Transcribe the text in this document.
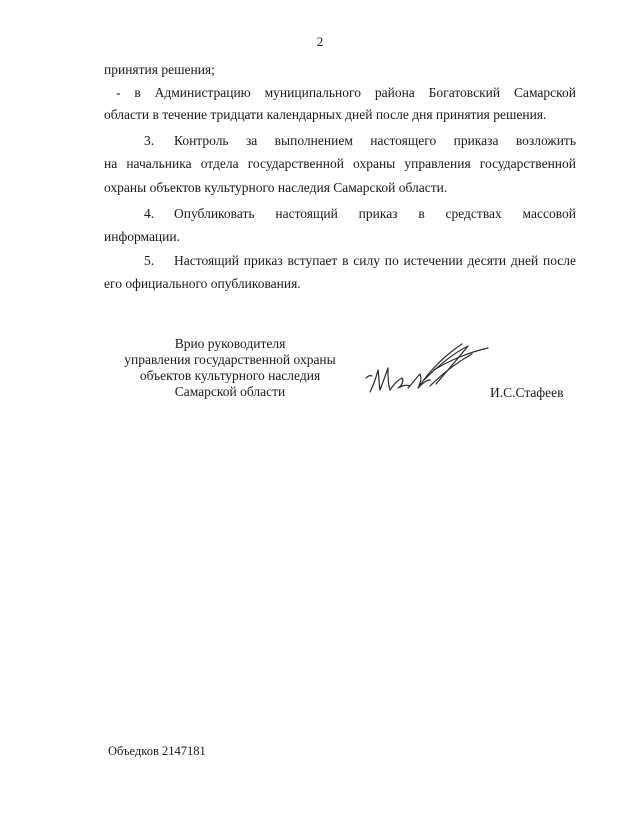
2
принятия решения;
- в Администрацию муниципального района Богатовский Самарской
области в течение тридцати календарных дней после дня принятия решения.
3. Контроль за выполнением настоящего приказа возложить
на начальника отдела государственной охраны управления государственной
охраны объектов культурного наследия Самарской области.
4. Опубликовать настоящий приказ в средствах массовой
информации.
5. Настоящий приказ вступает в силу по истечении десяти дней после
его официального опубликования.
Врио руководителя
управления государственной охраны
объектов культурного наследия
Самарской области	И.С.Стафеев
Объедков 2147181
